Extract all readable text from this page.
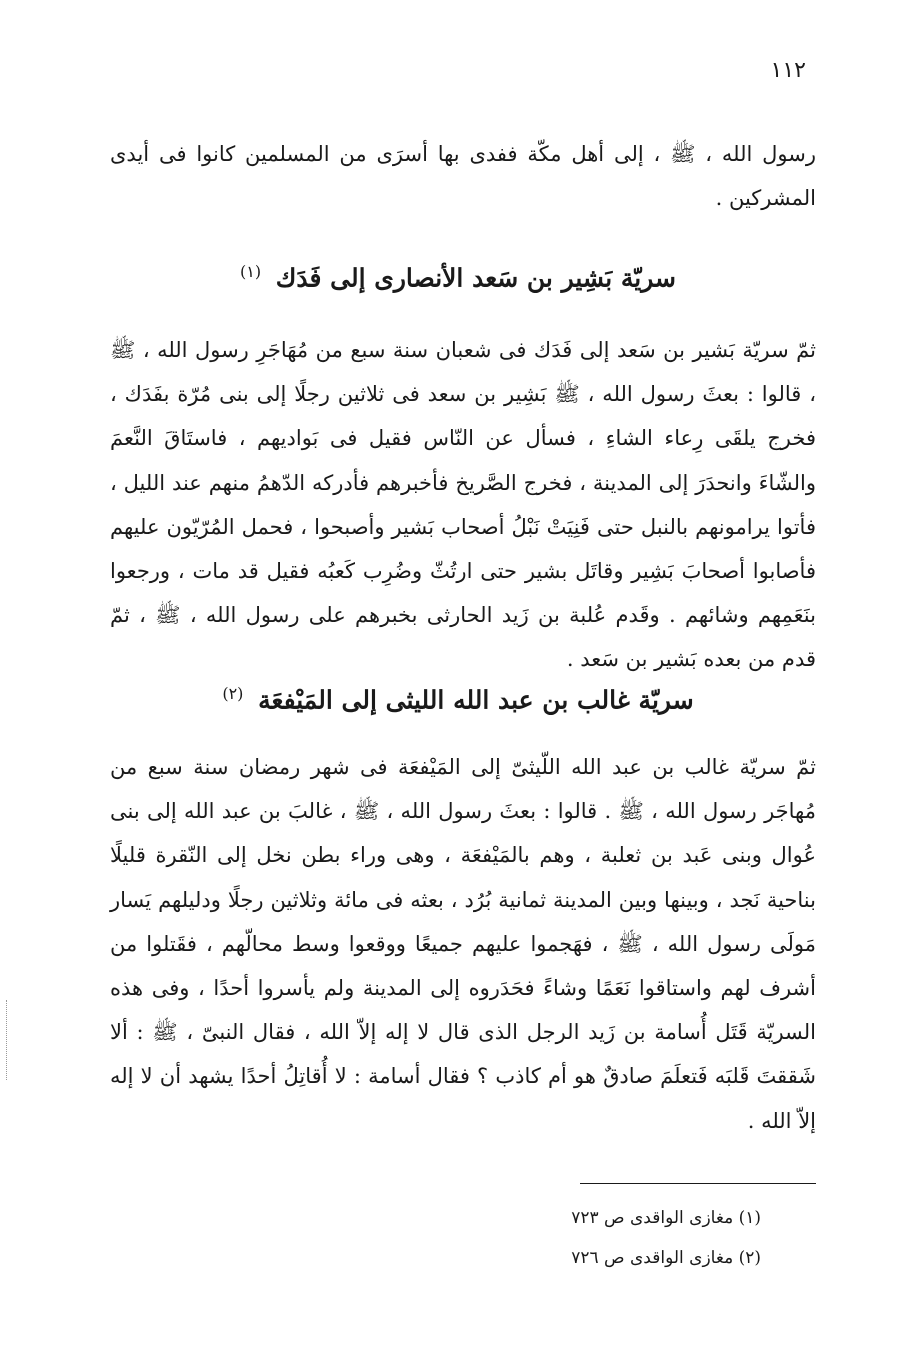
١١٢

رسول الله ، ﷺ ، إلى أهل مكّة ففدى بها أسرَى من المسلمين كانوا فى أيدى المشركين .

سريّة بَشِير بن سَعد الأنصارى إلى فَدَك $^{(١)}$

ثمّ سريّة بَشير بن سَعد إلى فَدَك فى شعبان سنة سبع من مُهَاجَرِ رسول الله ، ﷺ ، قالوا : بعثَ رسول الله ، ﷺ بَشِير بن سعد فى ثلاثين رجلًا إلى بنى مُرّة بفَدَك ، فخرج يلقَى رِعاء الشاءِ ، فسأل عن النّاس فقيل فى بَواديهم ، فاستَاقَ النَّعمَ والشّاءَ وانحدَرَ إلى المدينة ، فخرج الصَّريخ فأخبرهم فأدركه الدّهمُ منهم عند الليل ، فأتوا يرامونهم بالنبل حتى فَنِيَتْ نَبْلُ أصحاب بَشير وأصبحوا ، فحمل المُرّيّون عليهم فأصابوا أصحابَ بَشِير وقاتَل بشير حتى ارتُثّ وضُرِب كَعبُه فقيل قد مات ، ورجعوا بنَعَمِهم وشائهم . وقَدم عُلبة بن زَيد الحارثى بخبرهم على رسول الله ، ﷺ ، ثمّ قدم من بعده بَشير بن سَعد .

سريّة غالب بن عبد الله الليثى إلى المَيْفعَة $^{(٢)}$

ثمّ سريّة غالب بن عبد الله اللّيثىّ إلى المَيْفعَة فى شهر رمضان سنة سبع من مُهاجَر رسول الله ، ﷺ . قالوا : بعثَ رسول الله ، ﷺ ، غالبَ بن عبد الله إلى بنى عُوال وبنى عَبد بن ثعلبة ، وهم بالمَيْفعَة ، وهى وراء بطن نخل إلى النّقرة قليلًا بناحية نَجد ، وبينها وبين المدينة ثمانية بُرُد ، بعثه فى مائة وثلاثين رجلًا ودليلهم يَسار مَولَى رسول الله ، ﷺ ، فهَجموا عليهم جميعًا ووقعوا وسط محالّهم ، فقَتلوا من أشرف لهم واستاقوا نَعَمًا وشاءً فحَدَروه إلى المدينة ولم يأسروا أحدًا ، وفى هذه السريّة قَتَل أُسامة بن زَيد الرجل الذى قال لا إله إلاّ الله ، فقال النبىّ ، ﷺ : ألا شَققتَ قَلبَه فَتعلَمَ صادقٌ هو أم كاذب ؟ فقال أسامة : لا أُقاتِلُ أحدًا يشهد أن لا إله إلاّ الله .

(١) مغازى الواقدى ص ٧٢٣

(٢) مغازى الواقدى ص ٧٢٦
